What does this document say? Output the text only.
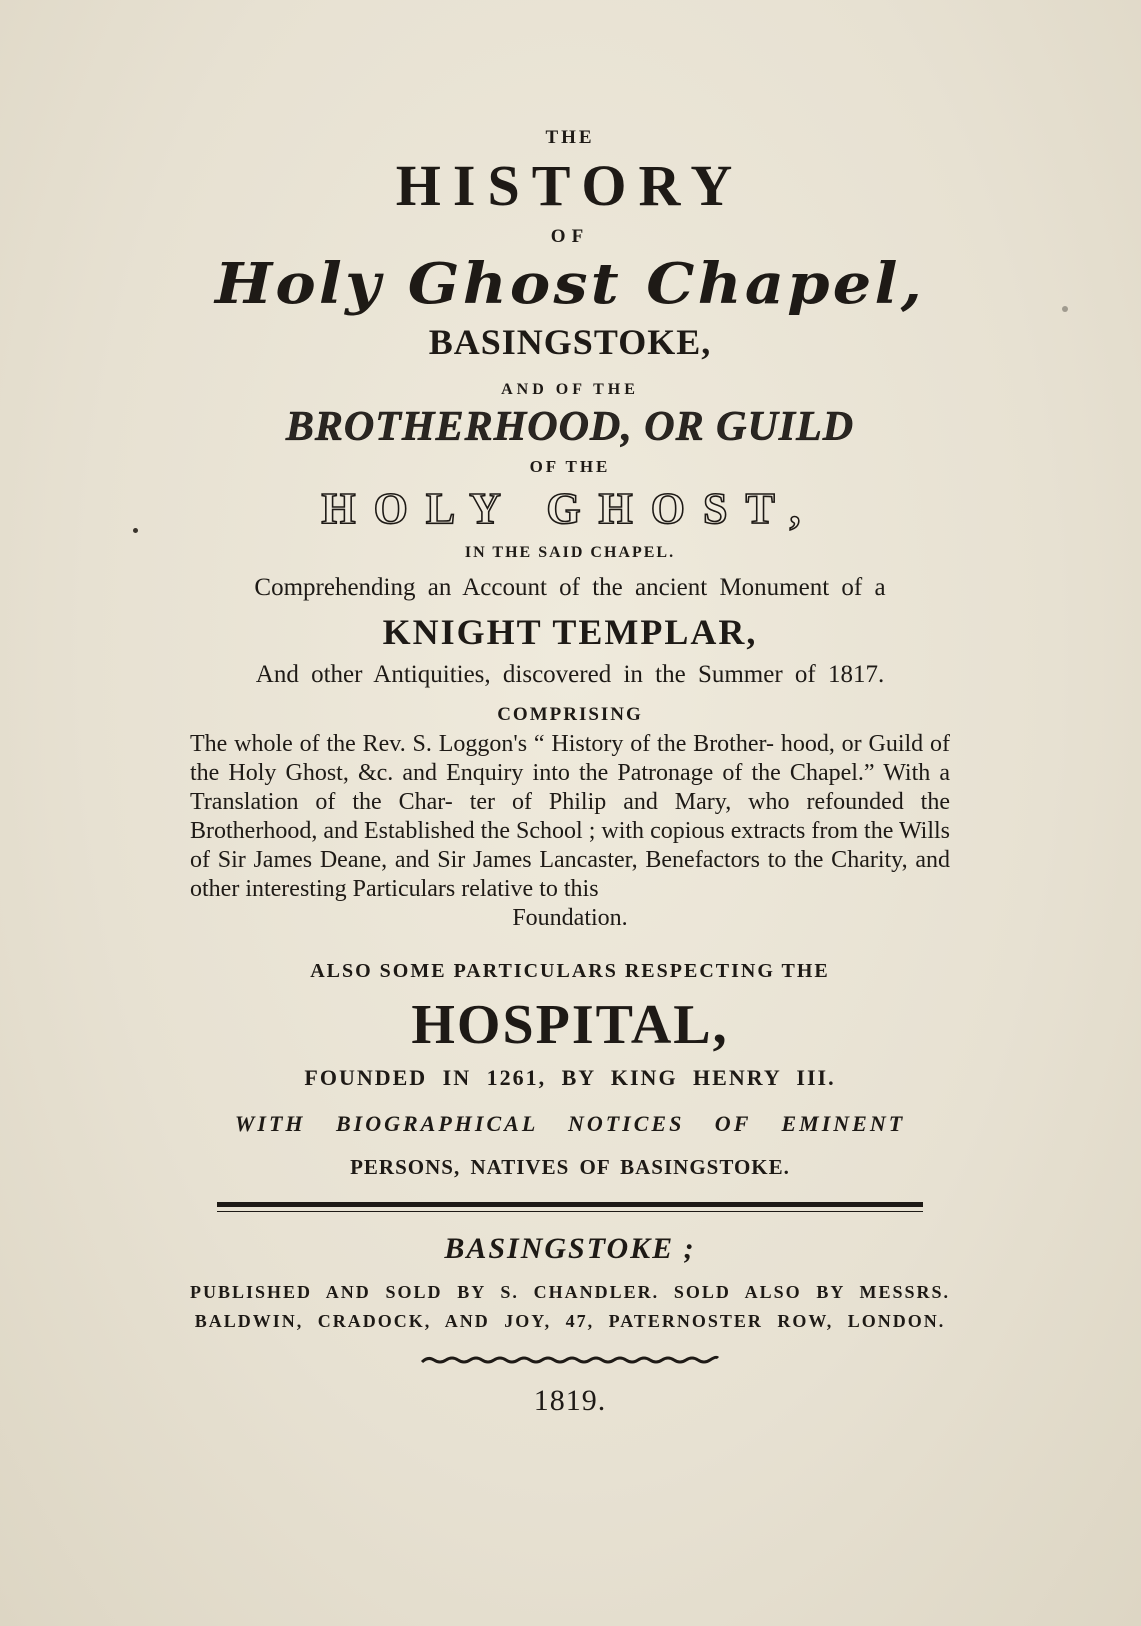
THE
HISTORY
OF
Holy Ghost Chapel,
BASINGSTOKE,
AND OF THE
BROTHERHOOD, OR GUILD
OF THE
HOLY GHOST,
IN THE SAID CHAPEL.
Comprehending an Account of the ancient Monument of a
KNIGHT TEMPLAR,
And other Antiquities, discovered in the Summer of 1817.
COMPRISING

The whole of the Rev. S. Loggon's “ History of the Brother- hood, or Guild of the Holy Ghost, &c. and Enquiry into the Patronage of the Chapel.” With a Translation of the Char- ter of Philip and Mary, who refounded the Brotherhood, and Established the School ; with copious extracts from the Wills of Sir James Deane, and Sir James Lancaster, Benefactors to the Charity, and other interesting Particulars relative to this
Foundation.

ALSO SOME PARTICULARS RESPECTING THE
HOSPITAL,
FOUNDED IN 1261, BY KING HENRY III.
WITH BIOGRAPHICAL NOTICES OF EMINENT
PERSONS, NATIVES OF BASINGSTOKE.
BASINGSTOKE ;

PUBLISHED AND SOLD BY S. CHANDLER. SOLD ALSO BY MESSRS. BALDWIN, CRADOCK, AND JOY, 47, PATERNOSTER ROW, LONDON.

1819.
